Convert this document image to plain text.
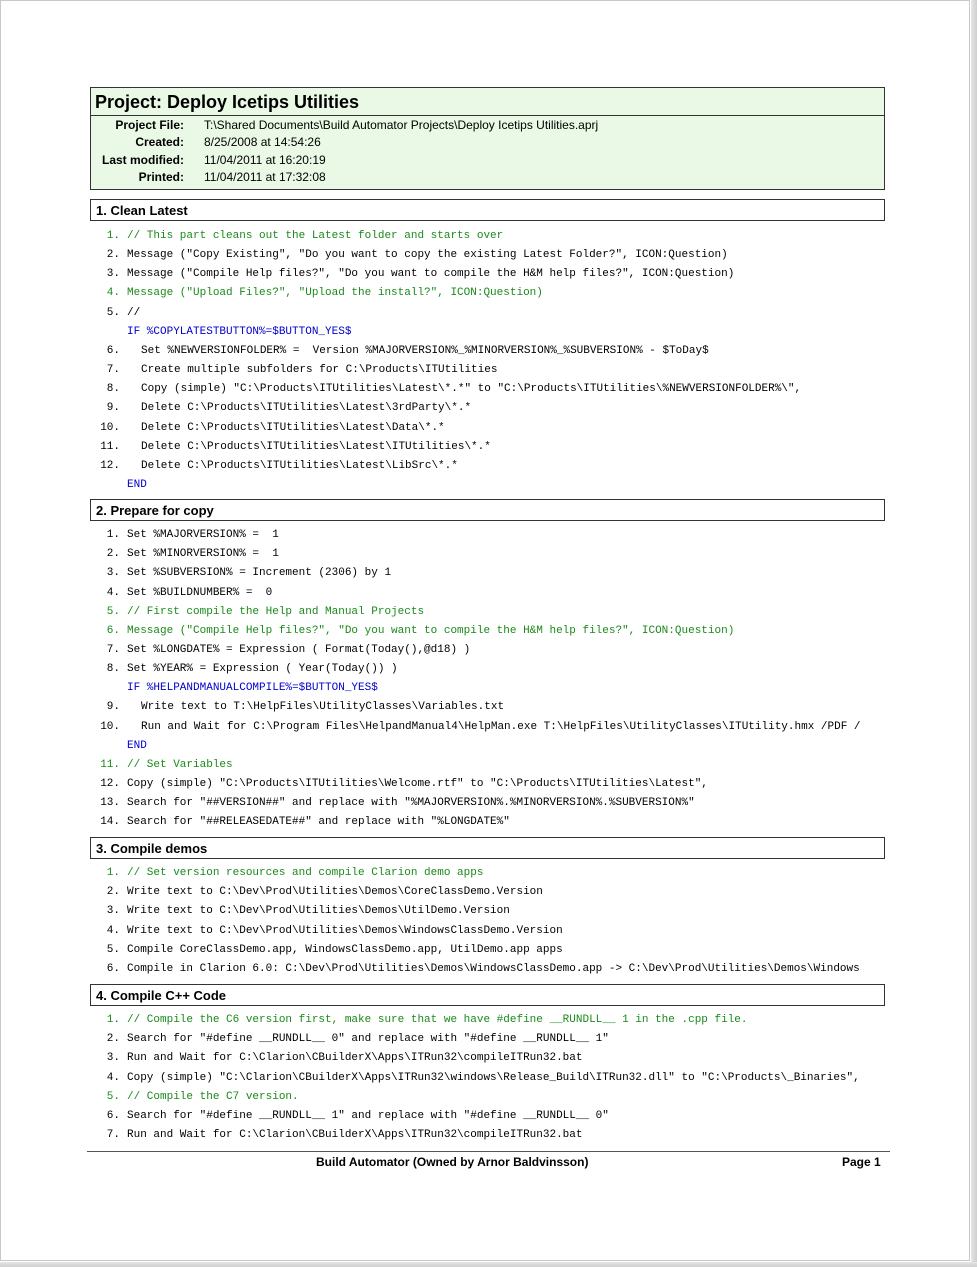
Project: Deploy Icetips Utilities
Project File: T:\Shared Documents\Build Automator Projects\Deploy Icetips Utilities.aprj
Created: 8/25/2008 at 14:54:26
Last modified: 11/04/2011 at 16:20:19
Printed: 11/04/2011 at 17:32:08
1. Clean Latest
1. // This part cleans out the Latest folder and starts over
2. Message ("Copy Existing", "Do you want to copy the existing Latest Folder?", ICON:Question)
3. Message ("Compile Help files?", "Do you want to compile the H&M help files?", ICON:Question)
4. Message ("Upload Files?", "Upload the install?", ICON:Question)
5. //
IF %COPYLATESTBUTTON%=$BUTTON_YES$
6. Set %NEWVERSIONFOLDER% =  Version %MAJORVERSION%_%MINORVERSION%_%SUBVERSION% - $ToDay$
7. Create multiple subfolders for C:\Products\ITUtilities
8. Copy (simple) "C:\Products\ITUtilities\Latest\*.*" to "C:\Products\ITUtilities\%NEWVERSIONFOLDER%\",
9. Delete C:\Products\ITUtilities\Latest\3rdParty\*.*
10. Delete C:\Products\ITUtilities\Latest\Data\*.*
11. Delete C:\Products\ITUtilities\Latest\ITUtilities\*.*
12. Delete C:\Products\ITUtilities\Latest\LibSrc\*.*
END
2. Prepare for copy
1. Set %MAJORVERSION% =  1
2. Set %MINORVERSION% =  1
3. Set %SUBVERSION% = Increment (2306) by 1
4. Set %BUILDNUMBER% =  0
5. // First compile the Help and Manual Projects
6. Message ("Compile Help files?", "Do you want to compile the H&M help files?", ICON:Question)
7. Set %LONGDATE% = Expression ( Format(Today(),@d18) )
8. Set %YEAR% = Expression ( Year(Today()) )
IF %HELPANDMANUALCOMPILE%=$BUTTON_YES$
9. Write text to T:\HelpFiles\UtilityClasses\Variables.txt
10. Run and Wait for C:\Program Files\HelpandManual4\HelpMan.exe T:\HelpFiles\UtilityClasses\ITUtility.hmx /PDF /
END
11. // Set Variables
12. Copy (simple) "C:\Products\ITUtilities\Welcome.rtf" to "C:\Products\ITUtilities\Latest",
13. Search for "##VERSION##" and replace with "%MAJORVERSION%.%MINORVERSION%.%SUBVERSION%"
14. Search for "##RELEASEDATE##" and replace with "%LONGDATE%"
3. Compile demos
1. // Set version resources and compile Clarion demo apps
2. Write text to C:\Dev\Prod\Utilities\Demos\CoreClassDemo.Version
3. Write text to C:\Dev\Prod\Utilities\Demos\UtilDemo.Version
4. Write text to C:\Dev\Prod\Utilities\Demos\WindowsClassDemo.Version
5. Compile CoreClassDemo.app, WindowsClassDemo.app, UtilDemo.app apps
6. Compile in Clarion 6.0: C:\Dev\Prod\Utilities\Demos\WindowsClassDemo.app -> C:\Dev\Prod\Utilities\Demos\Windows
4. Compile C++ Code
1. // Compile the C6 version first, make sure that we have #define __RUNDLL__ 1 in the .cpp file.
2. Search for "#define __RUNDLL__ 0" and replace with "#define __RUNDLL__ 1"
3. Run and Wait for C:\Clarion\CBuilderX\Apps\ITRun32\compileITRun32.bat
4. Copy (simple) "C:\Clarion\CBuilderX\Apps\ITRun32\windows\Release_Build\ITRun32.dll" to "C:\Products\_Binaries",
5. // Compile the C7 version.
6. Search for "#define __RUNDLL__ 1" and replace with "#define __RUNDLL__ 0"
7. Run and Wait for C:\Clarion\CBuilderX\Apps\ITRun32\compileITRun32.bat
Build Automator (Owned by Arnor Baldvinsson)	Page 1
